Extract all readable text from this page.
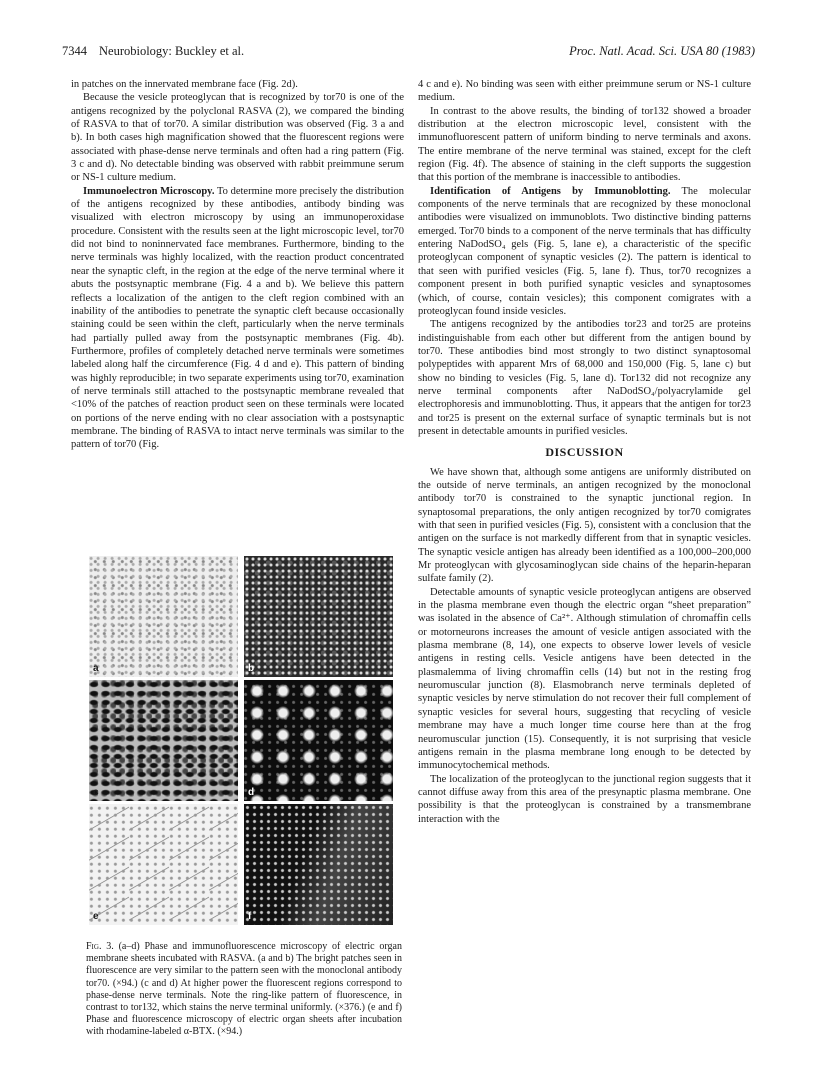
7344 Neurobiology: Buckley et al.	Proc. Natl. Acad. Sci. USA 80 (1983)

in patches on the innervated membrane face (Fig. 2d).

Because the vesicle proteoglycan that is recognized by tor70 is one of the antigens recognized by the polyclonal RASVA (2), we compared the binding of RASVA to that of tor70. A similar distribution was observed (Fig. 3 a and b). In both cases high magnification showed that the fluorescent regions were associated with phase-dense nerve terminals and often had a ring pattern (Fig. 3 c and d). No detectable binding was observed with rabbit preimmune serum or NS-1 culture medium.

Immunoelectron Microscopy. To determine more precisely the distribution of the antigens recognized by these antibodies, antibody binding was visualized with electron microscopy by using an immunoperoxidase procedure. Consistent with the results seen at the light microscopic level, tor70 did not bind to noninnervated face membranes. Furthermore, binding to the nerve terminals was highly localized, with the reaction product concentrated near the synaptic cleft, in the region at the edge of the nerve terminal where it abuts the postsynaptic membrane (Fig. 4 a and b). We believe this pattern reflects a localization of the antigen to the cleft region combined with an inability of the antibodies to penetrate the synaptic cleft because occasionally staining could be seen within the cleft, particularly when the nerve terminals had partially pulled away from the postsynaptic membranes (Fig. 4b). Furthermore, profiles of completely detached nerve terminals were sometimes labeled along half the circumference (Fig. 4 d and e). This pattern of binding was highly reproducible; in two separate experiments using tor70, examination of nerve terminals still attached to the postsynaptic membrane revealed that <10% of the patches of reaction product seen on these terminals were located on portions of the nerve ending with no clear association with a postsynaptic membrane. The binding of RASVA to intact nerve terminals was similar to the pattern of tor70 (Fig.

a	b
c	d
e	f
Fig. 3. (a–d) Phase and immunofluorescence microscopy of electric organ membrane sheets incubated with RASVA. (a and b) The bright patches seen in fluorescence are very similar to the pattern seen with the monoclonal antibody tor70. (×94.) (c and d) At higher power the fluorescent regions correspond to phase-dense nerve terminals. Note the ring-like pattern of fluorescence, in contrast to tor132, which stains the nerve terminal uniformly. (×376.) (e and f) Phase and fluorescence microscopy of electric organ sheets after incubation with rhodamine-labeled α-BTX. (×94.)

4 c and e). No binding was seen with either preimmune serum or NS-1 culture medium.

In contrast to the above results, the binding of tor132 showed a broader distribution at the electron microscopic level, consistent with the immunofluorescent pattern of uniform binding to nerve terminals and axons. The entire membrane of the nerve terminal was stained, except for the cleft region (Fig. 4f). The absence of staining in the cleft supports the suggestion that this portion of the membrane is inaccessible to antibodies.

Identification of Antigens by Immunoblotting. The molecular components of the nerve terminals that are recognized by these monoclonal antibodies were visualized on immunoblots. Two distinctive binding patterns emerged. Tor70 binds to a component of the nerve terminals that has difficulty entering NaDodSO₄ gels (Fig. 5, lane e), a characteristic of the specific proteoglycan component of synaptic vesicles (2). The pattern is identical to that seen with purified vesicles (Fig. 5, lane f). Thus, tor70 recognizes a component present in both purified synaptic vesicles and synaptosomes (which, of course, contain vesicles); this component comigrates with a proteoglycan found inside vesicles.

The antigens recognized by the antibodies tor23 and tor25 are proteins indistinguishable from each other but different from the antigen bound by tor70. These antibodies bind most strongly to two distinct synaptosomal polypeptides with apparent Mrs of 68,000 and 150,000 (Fig. 5, lane c) but show no binding to vesicles (Fig. 5, lane d). Tor132 did not recognize any nerve terminal components after NaDodSO₄/polyacrylamide gel electrophoresis and immunoblotting. Thus, it appears that the antigen for tor23 and tor25 is present on the external surface of synaptic terminals but is not present in detectable amounts in purified vesicles.

DISCUSSION

We have shown that, although some antigens are uniformly distributed on the outside of nerve terminals, an antigen recognized by the monoclonal antibody tor70 is constrained to the synaptic junctional region. In synaptosomal preparations, the only antigen recognized by tor70 comigrates with that seen in purified vesicles (Fig. 5), consistent with a conclusion that the antigen on the surface is not markedly different from that in synaptic vesicles. The synaptic vesicle antigen has already been identified as a 100,000–200,000 Mr proteoglycan with glycosaminoglycan side chains of the heparin-heparan sulfate family (2).

Detectable amounts of synaptic vesicle proteoglycan antigens are observed in the plasma membrane even though the electric organ “sheet preparation” was isolated in the absence of Ca²⁺. Although stimulation of chromaffin cells or motorneurons increases the amount of vesicle antigen associated with the plasma membrane (8, 14), one expects to observe lower levels of vesicle antigens in resting cells. Vesicle antigens have been detected in the plasmalemma of living chromaffin cells (14) but not in the resting frog neuromuscular junction (8). Elasmobranch nerve terminals depleted of synaptic vesicles by nerve stimulation do not recover their full complement of synaptic vesicles for several hours, suggesting that recycling of vesicle membrane may have a much longer time course here than at the frog neuromuscular junction (15). Consequently, it is not surprising that vesicle antigens remain in the plasma membrane long enough to be detected by immunocytochemical methods.

The localization of the proteoglycan to the junctional region suggests that it cannot diffuse away from this area of the presynaptic plasma membrane. One possibility is that the proteoglycan is constrained by a transmembrane interaction with the
